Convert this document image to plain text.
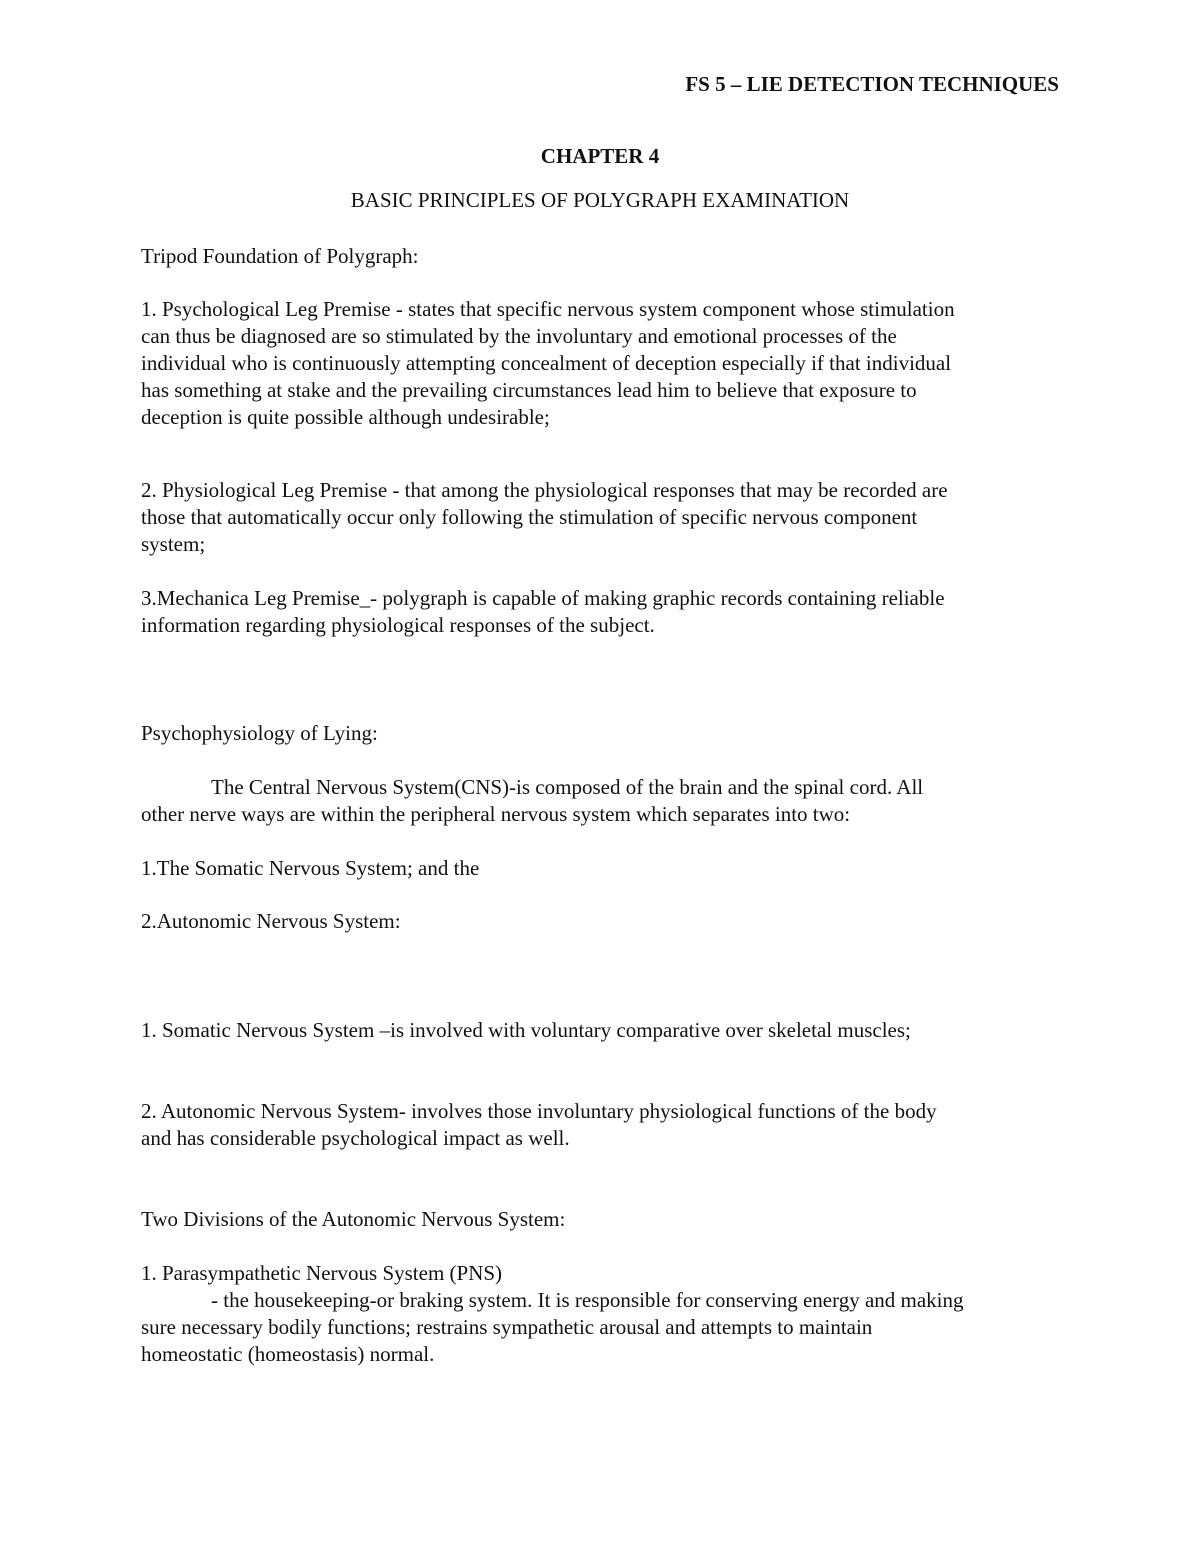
FS 5 – LIE DETECTION TECHNIQUES
CHAPTER 4
BASIC PRINCIPLES OF POLYGRAPH EXAMINATION
Tripod Foundation of Polygraph:
1. Psychological Leg Premise - states that specific nervous system component whose stimulation
can thus be diagnosed are so stimulated by the involuntary and emotional processes of the
individual who is continuously attempting concealment of deception especially if that individual
has something at stake and the prevailing circumstances lead him to believe that exposure to
deception is quite possible although undesirable;
2. Physiological Leg Premise - that among the physiological responses that may be recorded are
those that automatically occur only following the stimulation of specific nervous component
system;
3.Mechanica Leg Premise_- polygraph is capable of making graphic records containing reliable
information regarding physiological responses of the subject.
Psychophysiology of Lying:
The Central Nervous System(CNS)-is composed of the brain and the spinal cord. All
other nerve ways are within the peripheral nervous system which separates into two:
1.The Somatic Nervous System; and the
2.Autonomic Nervous System:
1. Somatic Nervous System –is involved with voluntary comparative over skeletal muscles;
2. Autonomic Nervous System- involves those involuntary physiological functions of the body
and has considerable psychological impact as well.
Two Divisions of the Autonomic Nervous System:
1. Parasympathetic Nervous System (PNS)
- the housekeeping-or braking system. It is responsible for conserving energy and making
sure necessary bodily functions; restrains sympathetic arousal and attempts to maintain
homeostatic (homeostasis) normal.
